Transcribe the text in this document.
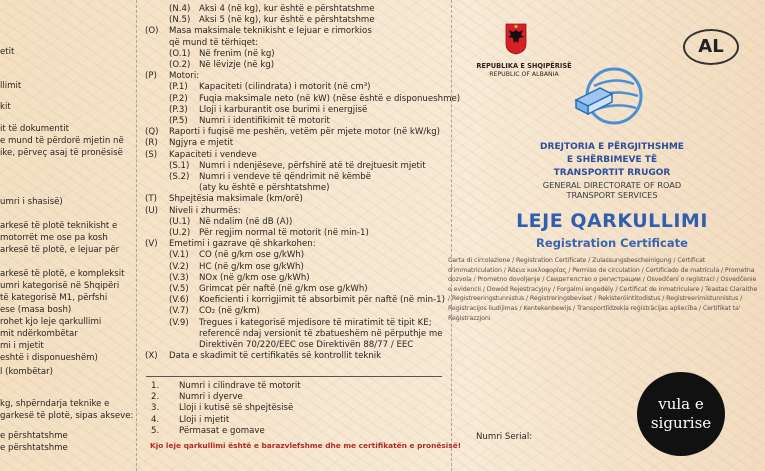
etit
llimit
kit
it të dokumentit
e mund të përdorë mjetin në
ike, përveç asaj të pronësisë
umri i shasisë)
arkesë të plotë teknikisht e
motorrët me ose pa kosh
arkesë të plotë, e lejuar për
arkesë të plotë, e kompleksit
umri kategorisë në Shqipëri
të kategorisë M1, përfshi
ese (masa bosh)
rohet kjo leje qarkullimi
mit ndërkombëtar
mi i mjetit
eshtë i disponueshëm)
l (kombëtar)
kg, shpërndarja teknike e
garkesë të plotë, sipas akseve:
e përshtatshme
e përshtatshme
(N.4) Aksi 4 (në kg), kur është e përshtatshme
(N.5) Aksi 5 (në kg), kur është e përshtatshme
(O) Masa maksimale teknikisht e lejuar e rimorkios
që mund të tërhiqet:
(O.1) Në frenim (në kg)
(O.2) Në lëvizje (në kg)
(P) Motori:
(P.1) Kapaciteti (cilindrata) i motorit (në cm³)
(P.2) Fuqia maksimale neto (në kW) (nëse është e disponueshme)
(P.3) Lloji i karburantit ose burimi i energjisë
(P.5) Numri i identifikimit të motorit
(Q) Raporti i fuqisë me peshën, vetëm për mjete motor (në kW/kg)
(R) Ngjyra e mjetit
(S) Kapaciteti i vendeve
(S.1) Numri i ndenjëseve, përfshirë atë të drejtuesit mjetit
(S.2) Numri i vendeve të qëndrimit në këmbë
(aty ku është e përshtatshme)
(T) Shpejtësia maksimale (km/orë)
(U) Niveli i zhurmës:
(U.1) Në ndalim (në dB (A))
(U.2) Për regjim normal të motorit (në min-1)
(V) Emetimi i gazrave që shkarkohen:
(V.1) CO (në g/km ose g/kWh)
(V.2) HC (në g/km ose g/kWh)
(V.3) NOx (në g/km ose g/kWh)
(V.5) Grimcat për naftë (në g/km ose g/kWh)
(V.6) Koeficienti i korrigjimit të absorbimit për naftë (në min-1)
(V.7) CO₂ (në g/km)
(V.9) Tregues i kategorisë mjedisore të miratimit të tipit KE;
referencë ndaj versionit të zbatueshëm në përputhje me
Direktivën 70/220/EEC ose Direktivën 88/77 / EEC
(X) Data e skadimit të certifikatës së kontrollit teknik
1. Numri i cilindrave të motorit
2. Numri i dyerve
3. Lloji i kutisë së shpejtësisë
4. Lloji i mjetit
5. Përmasat e gomave
Kjo leje qarkullimi është e barazvlefshme dhe me certifikatën e pronësisë!
REPUBLIKA E SHQIPËRISË
REPUBLIC OF ALBANIA
AL
DREJTORIA E PËRGJITHSHME
E SHËRBIMEVE TË
TRANSPORTIT RRUGOR
GENERAL DIRECTORATE OF ROAD
TRANSPORT SERVICES
LEJE QARKULLIMI
Registration Certificate
Carta di circolazione / Registration Certificate / Zulassungsbescheinigung / Certificat d'immatriculation / Άδεια κυκλοφορίας / Permiso de circulation / Certificado de matrícula / Prometna dozvola / Prometno dovoljenje / Свидетелство о регистрации / Osvedčení o registraci / Osvedčenie o evidencii / Dowód Rejestracyjny / Forgalmi engedély / Certificat de inmatriculare / Teastas Claraithe / Registreeringstunnistus / Registreringsbeviset / Rekisteröintitodistus / Registreerimistunnistus / Registracijos liudijimas / Kentekenbewijs / Transportlīdzekļa reģistrācijas apliecība / Certifikat ta' Reġistrazzjoni
vula e
sigurise
Numri Serial:
